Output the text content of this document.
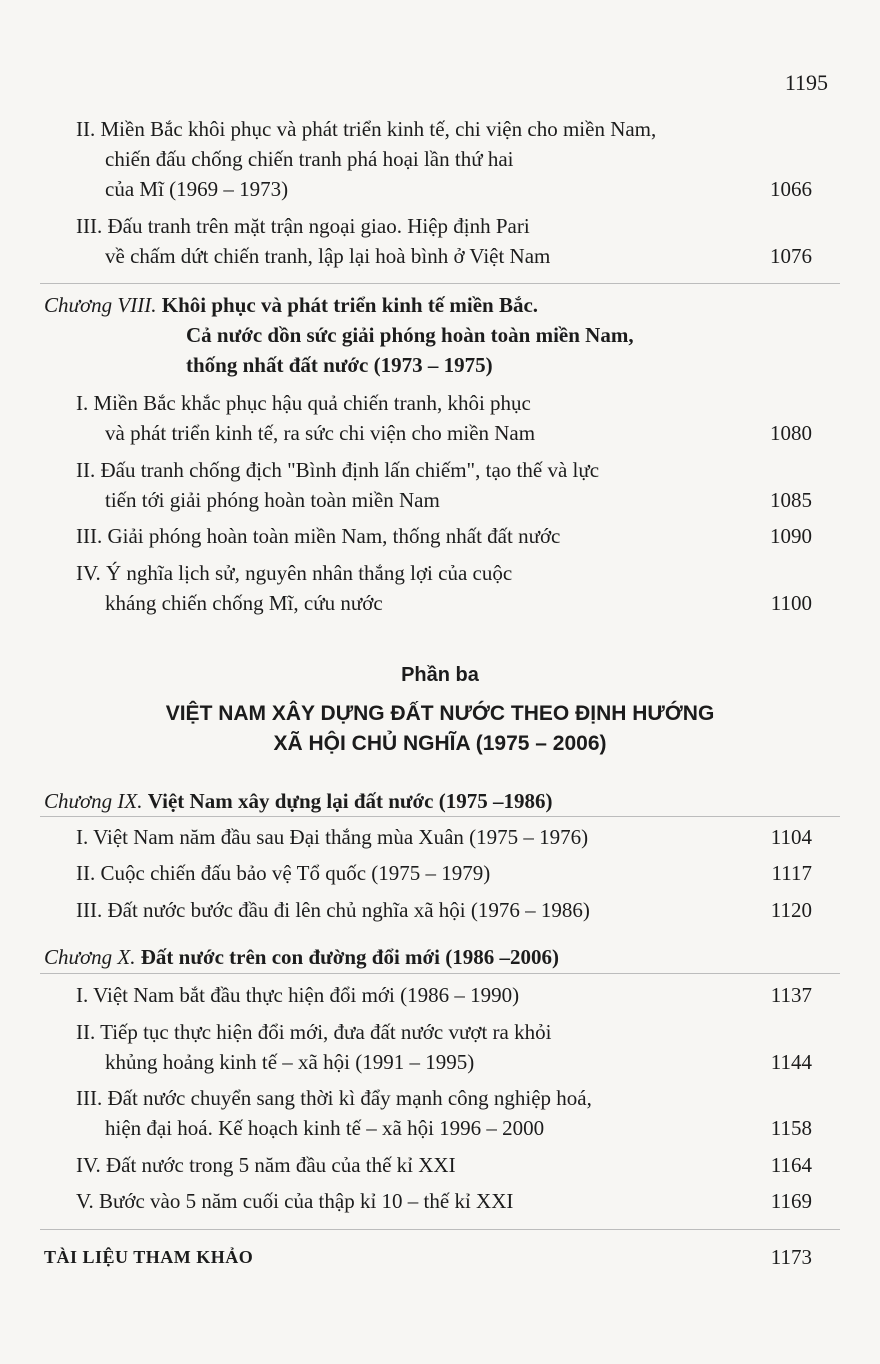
1195
II. Miền Bắc khôi phục và phát triển kinh tế, chi viện cho miền Nam,
chiến đấu chống chiến tranh phá hoại lần thứ hai
của Mĩ (1969 – 1973)	1066
III. Đấu tranh trên mặt trận ngoại giao. Hiệp định Pari
về chấm dứt chiến tranh, lập lại hoà bình ở Việt Nam	1076
Chương VIII. Khôi phục và phát triển kinh tế miền Bắc.
Cả nước dồn sức giải phóng hoàn toàn miền Nam,
thống nhất đất nước (1973 – 1975)
I. Miền Bắc khắc phục hậu quả chiến tranh, khôi phục
và phát triển kinh tế, ra sức chi viện cho miền Nam	1080
II. Đấu tranh chống địch "Bình định lấn chiếm", tạo thế và lực
tiến tới giải phóng hoàn toàn miền Nam	1085
III. Giải phóng hoàn toàn miền Nam, thống nhất đất nước	1090
IV. Ý nghĩa lịch sử, nguyên nhân thắng lợi của cuộc
kháng chiến chống Mĩ, cứu nước	1100
Phần ba
VIỆT NAM XÂY DỰNG ĐẤT NƯỚC THEO ĐỊNH HƯỚNG
XÃ HỘI CHỦ NGHĨA (1975 – 2006)
Chương IX. Việt Nam xây dựng lại đất nước (1975 –1986)
I. Việt Nam năm đầu sau Đại thắng mùa Xuân (1975 – 1976)	1104
II. Cuộc chiến đấu bảo vệ Tổ quốc (1975 – 1979)	1117
III. Đất nước bước đầu đi lên chủ nghĩa xã hội (1976 – 1986)	1120
Chương X. Đất nước trên con đường đổi mới (1986 –2006)
I. Việt Nam bắt đầu thực hiện đổi mới (1986 – 1990)	1137
II. Tiếp tục thực hiện đổi mới, đưa đất nước vượt ra khỏi
khủng hoảng kinh tế – xã hội (1991 – 1995)	1144
III. Đất nước chuyển sang thời kì đẩy mạnh công nghiệp hoá,
hiện đại hoá. Kế hoạch kinh tế – xã hội 1996 – 2000	1158
IV. Đất nước trong 5 năm đầu của thế kỉ XXI	1164
V. Bước vào 5 năm cuối của thập kỉ 10 – thế kỉ XXI	1169
TÀI LIỆU THAM KHẢO	1173
